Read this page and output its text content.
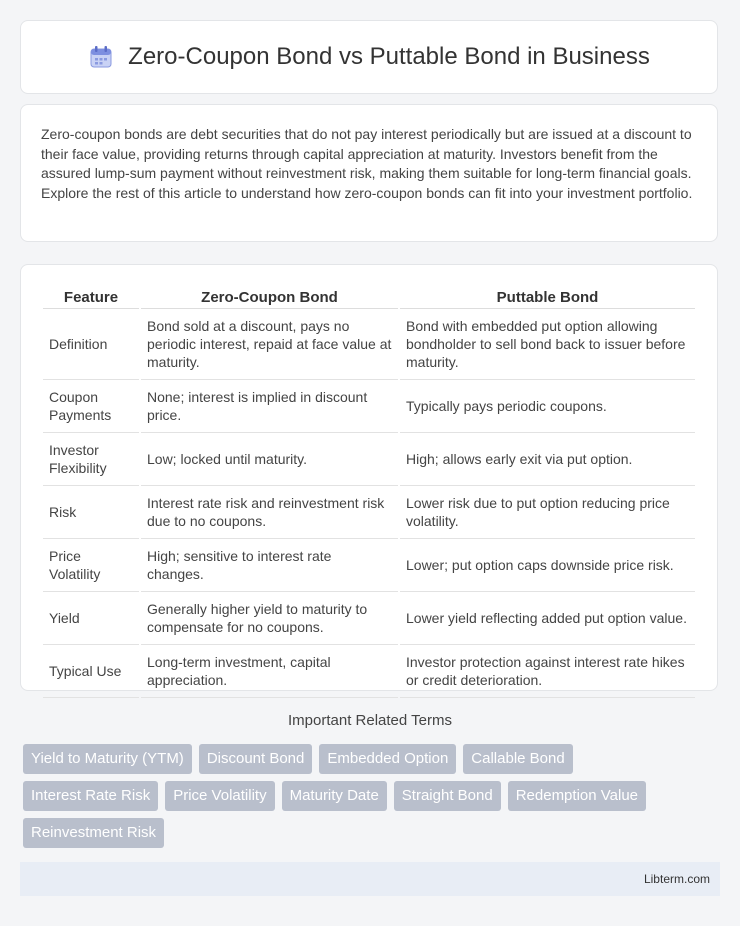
Zero-Coupon Bond vs Puttable Bond in Business

Zero-coupon bonds are debt securities that do not pay interest periodically but are issued at a discount to their face value, providing returns through capital appreciation at maturity. Investors benefit from the assured lump-sum payment without reinvestment risk, making them suitable for long-term financial goals. Explore the rest of this article to understand how zero-coupon bonds can fit into your investment portfolio.

Feature	Zero-Coupon Bond	Puttable Bond
Definition	Bond sold at a discount, pays no periodic interest, repaid at face value at maturity.	Bond with embedded put option allowing bondholder to sell bond back to issuer before maturity.
Coupon Payments	None; interest is implied in discount price.	Typically pays periodic coupons.
Investor Flexibility	Low; locked until maturity.	High; allows early exit via put option.
Risk	Interest rate risk and reinvestment risk due to no coupons.	Lower risk due to put option reducing price volatility.
Price Volatility	High; sensitive to interest rate changes.	Lower; put option caps downside price risk.
Yield	Generally higher yield to maturity to compensate for no coupons.	Lower yield reflecting added put option value.
Typical Use	Long-term investment, capital appreciation.	Investor protection against interest rate hikes or credit deterioration.
Important Related Terms
Yield to Maturity (YTM)	Discount Bond	Embedded Option	Callable Bond
Interest Rate Risk	Price Volatility	Maturity Date	Straight Bond	Redemption Value
Reinvestment Risk
Libterm.com
